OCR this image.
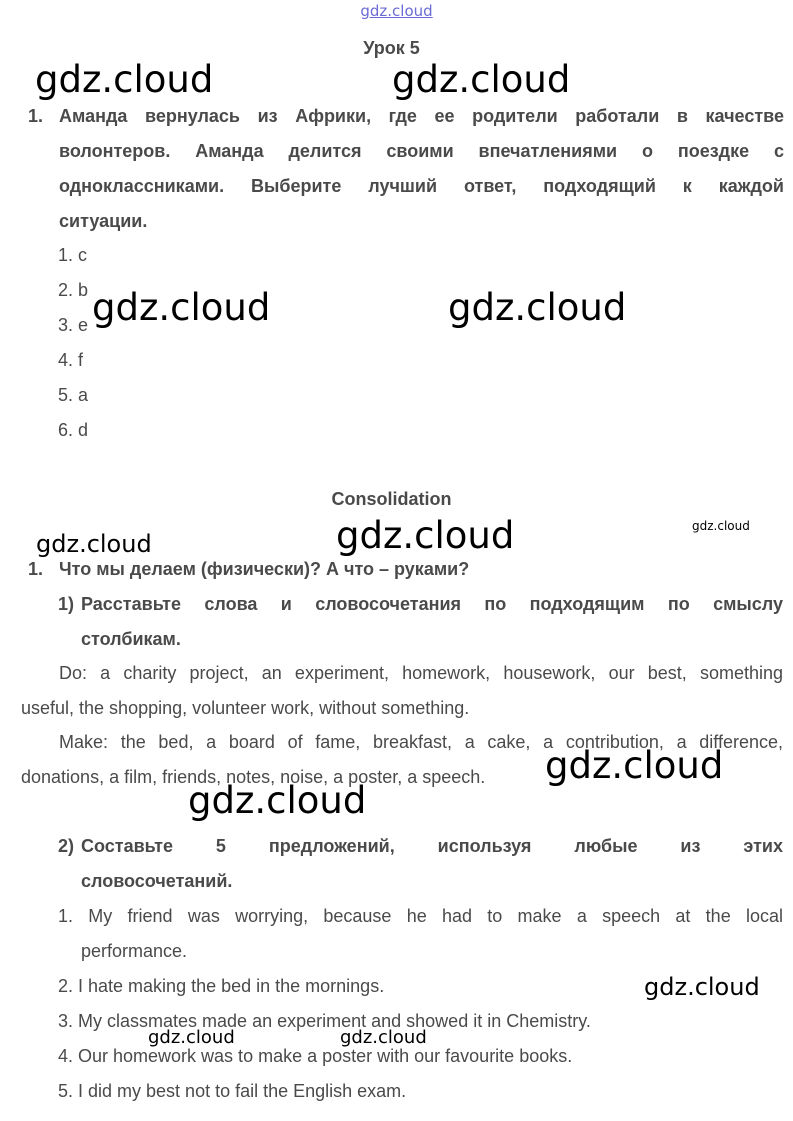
gdz.cloud
Урок 5
1. Аманда вернулась из Африки, где ее родители работали в качестве
волонтеров. Аманда делится своими впечатлениями о поездке с
одноклассниками. Выберите лучший ответ, подходящий к каждой
ситуации.
1. c
2. b
3. e
4. f
5. a
6. d
Consolidation
1. Что мы делаем (физически)? А что – руками?
1) Расставьте слова и словосочетания по подходящим по смыслу
столбикам.
Do: a charity project, an experiment, homework, housework, our best, something
useful, the shopping, volunteer work, without something.
Make: the bed, a board of fame, breakfast, a cake, a contribution, a difference,
donations, a film, friends, notes, noise, a poster, a speech.
2) Составьте 5 предложений, используя любые из этих
словосочетаний.
1. My friend was worrying, because he had to make a speech at the local
performance.
2. I hate making the bed in the mornings.
3. My classmates made an experiment and showed it in Chemistry.
4. Our homework was to make a poster with our favourite books.
5. I did my best not to fail the English exam.
gdz.cloud	gdz.cloud
gdz.cloud	gdz.cloud
gdz.cloud
gdz.cloud
gdz.cloud
gdz.cloud
gdz.cloud
gdz.cloud
gdz.cloud	gdz.cloud
